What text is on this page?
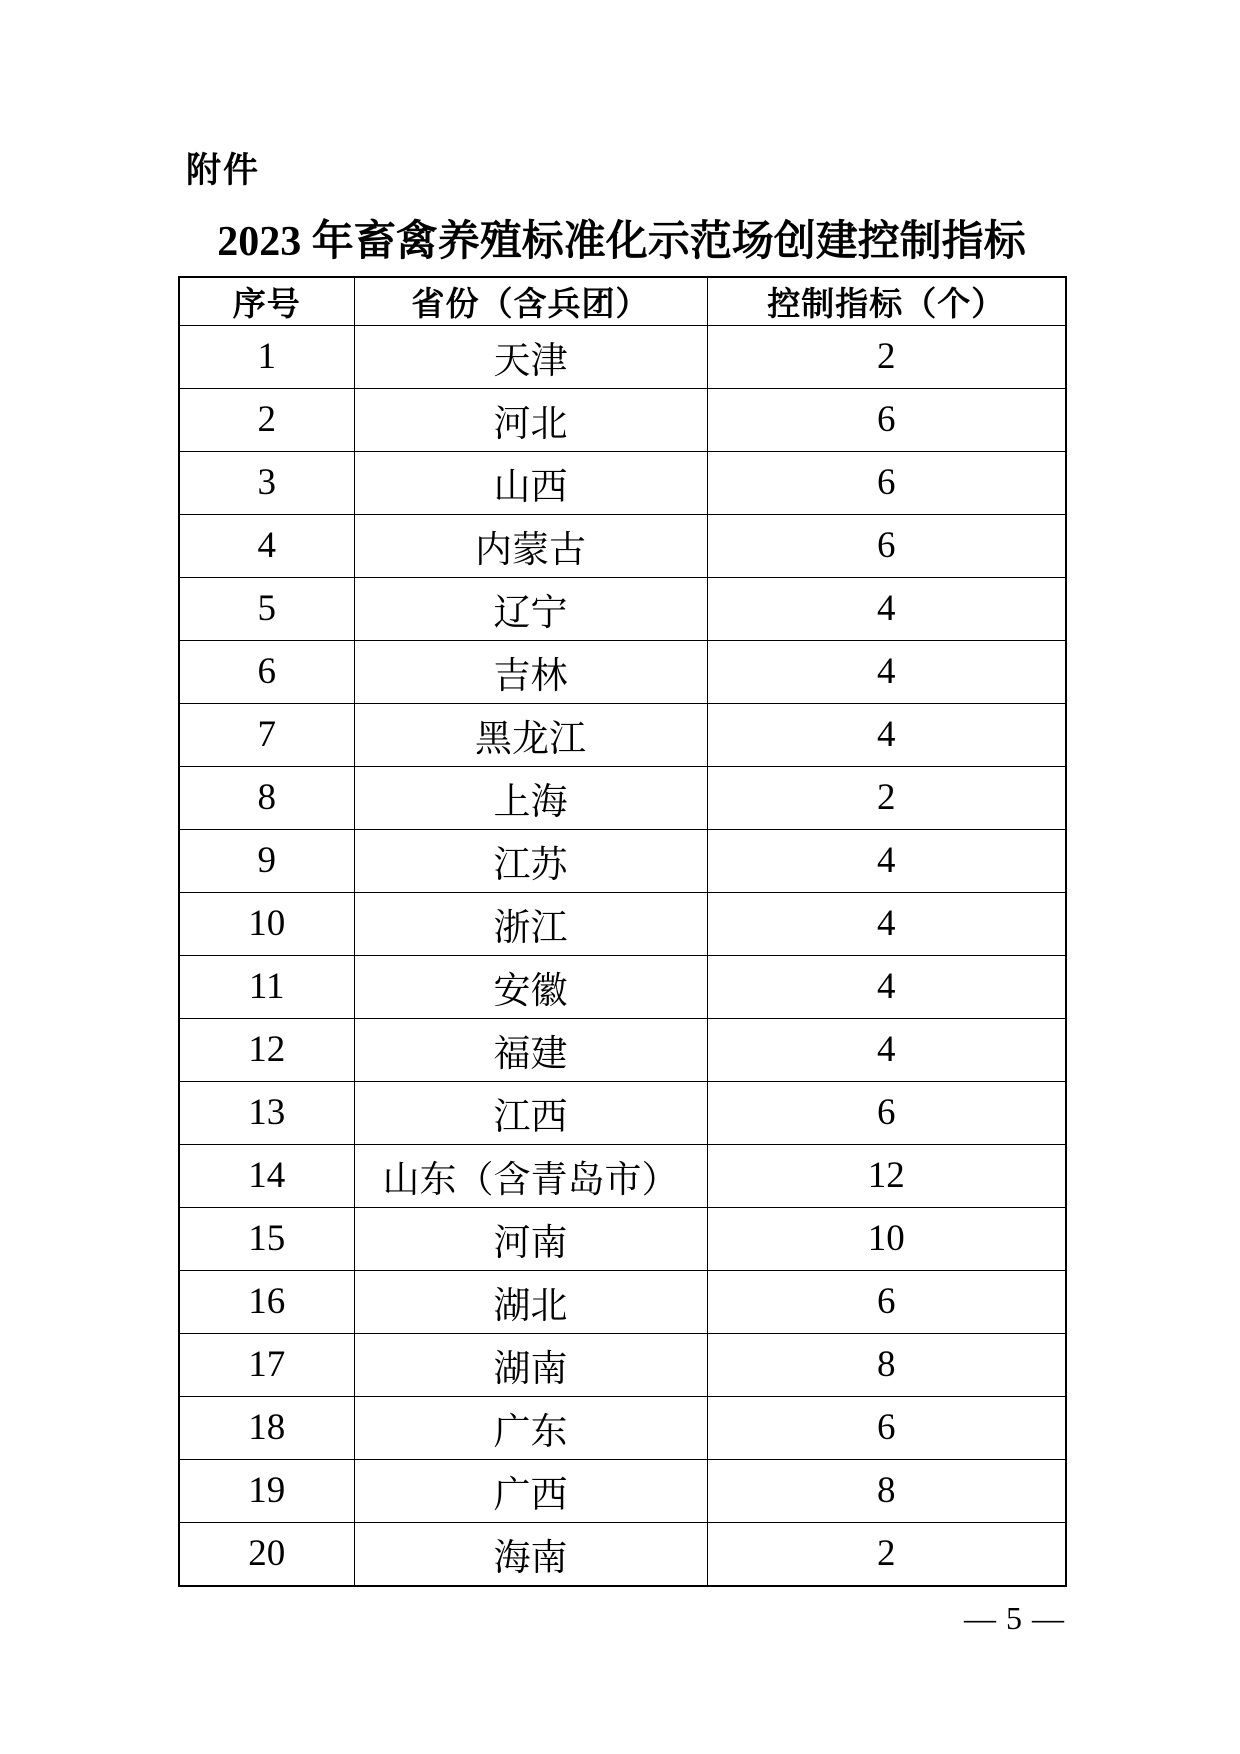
附件
2023 年畜禽养殖标准化示范场创建控制指标
序号	省份（含兵团）	控制指标（个）
1	天津	2
2	河北	6
3	山西	6
4	内蒙古	6
5	辽宁	4
6	吉林	4
7	黑龙江	4
8	上海	2
9	江苏	4
10	浙江	4
11	安徽	4
12	福建	4
13	江西	6
14	山东（含青岛市）	12
15	河南	10
16	湖北	6
17	湖南	8
18	广东	6
19	广西	8
20	海南	2
— 5 —
